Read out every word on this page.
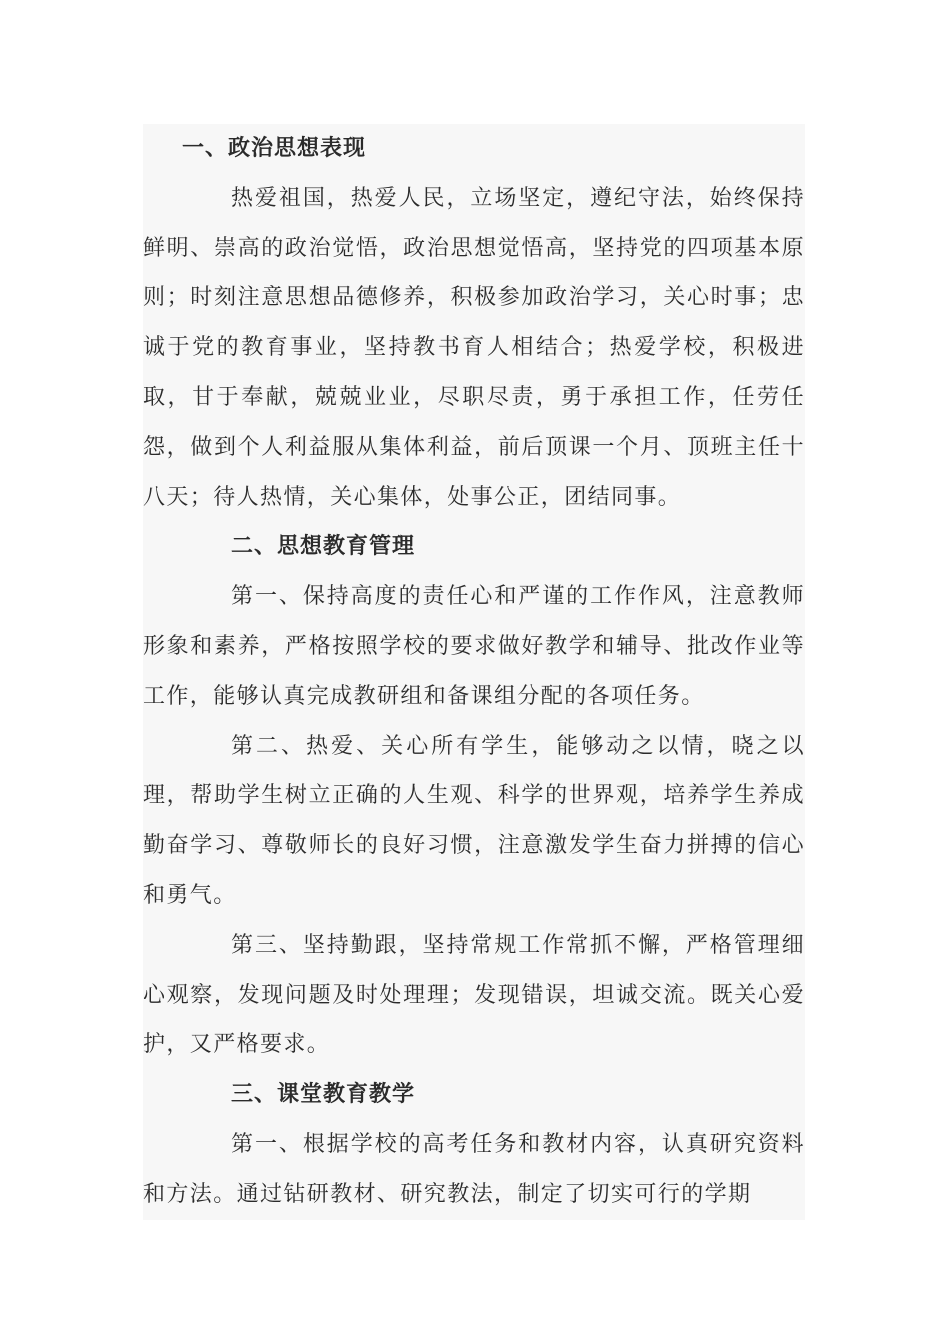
一、政治思想表现

热爱祖国，热爱人民，立场坚定，遵纪守法，始终保持鲜明、崇高的政治觉悟，政治思想觉悟高，坚持党的四项基本原则；时刻注意思想品德修养，积极参加政治学习，关心时事；忠诚于党的教育事业，坚持教书育人相结合；热爱学校，积极进取，甘于奉献，兢兢业业，尽职尽责，勇于承担工作，任劳任怨，做到个人利益服从集体利益，前后顶课一个月、顶班主任十八天；待人热情，关心集体，处事公正，团结同事。

二、思想教育管理

第一、保持高度的责任心和严谨的工作作风，注意教师形象和素养，严格按照学校的要求做好教学和辅导、批改作业等工作，能够认真完成教研组和备课组分配的各项任务。

第二、热爱、关心所有学生，能够动之以情，晓之以理，帮助学生树立正确的人生观、科学的世界观，培养学生养成勤奋学习、尊敬师长的良好习惯，注意激发学生奋力拼搏的信心和勇气。

第三、坚持勤跟，坚持常规工作常抓不懈，严格管理细心观察，发现问题及时处理理；发现错误，坦诚交流。既关心爱护，又严格要求。

三、课堂教育教学

第一、根据学校的高考任务和教材内容，认真研究资料和方法。通过钻研教材、研究教法，制定了切实可行的学期
